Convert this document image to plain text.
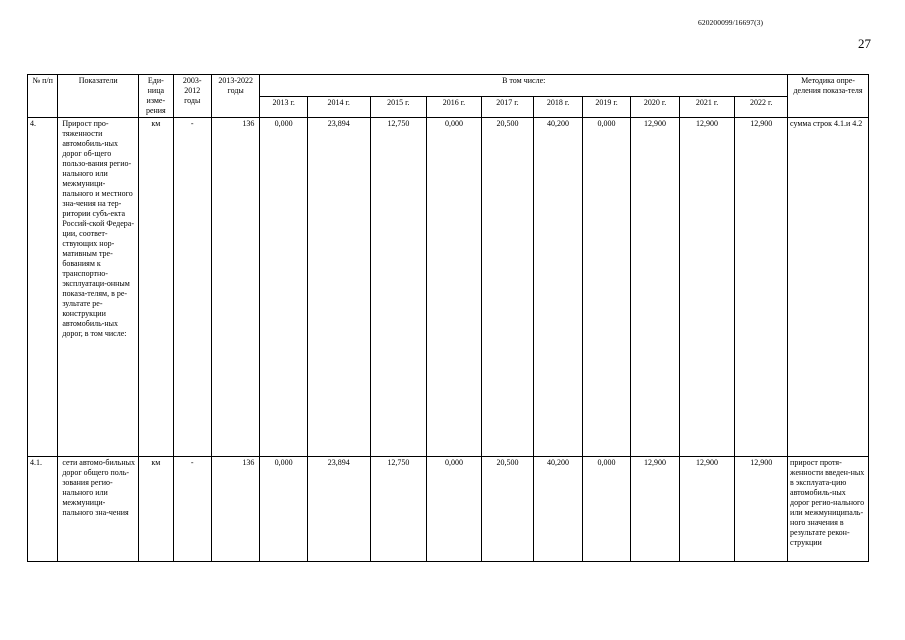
620200099/16697(3)
27
№ п/п	Показатели	Еди-ница изме-рения	2003-2012 годы	2013-2022 годы	В том числе:										Методика опре-деления показа-теля
					2013 г.	2014 г.	2015 г.	2016 г.	2017 г.	2018 г.	2019 г.	2020 г.	2021 г.	2022 г.	
4.	Прирост про-тяженности автомобиль-ных дорог об-щего пользо-вания регио-нального или межмуници-пального и местного зна-чения на тер-ритории субъ-екта Россий-ской Федера-ции, соответ-ствующих нор-мативным тре-бованиям к транспортно-эксплуатаци-онным показа-телям, в ре-зультате ре-конструкции автомобиль-ных дорог, в том числе:	км	-	136	0,000	23,894	12,750	0,000	20,500	40,200	0,000	12,900	12,900	12,900	сумма строк 4.1.и 4.2
4.1.	сети автомо-бильных дорог общего поль-зования регио-нального или межмуници-пального зна-чения	км	-	136	0,000	23,894	12,750	0,000	20,500	40,200	0,000	12,900	12,900	12,900	прирост протя-женности введен-ных в эксплуата-цию автомобиль-ных дорог регио-нального или межмуниципаль-ного значения в результате рекон-струкции
